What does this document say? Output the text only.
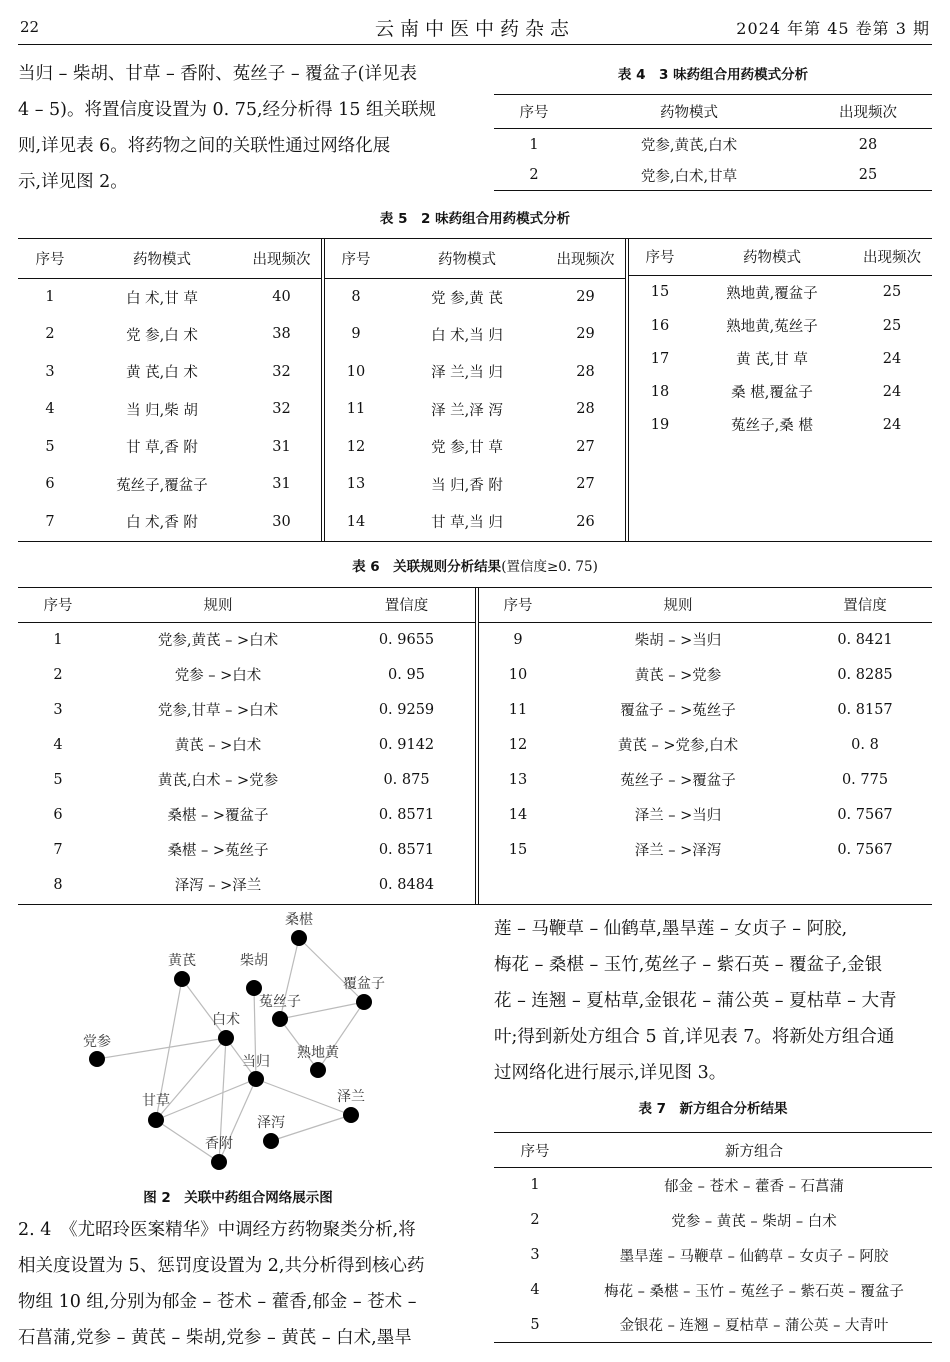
22	云南中医中药杂志	2024 年第 45 卷第 3 期

当归 – 柴胡、甘草 – 香附、菟丝子 – 覆盆子(详见表

4 – 5)。将置信度设置为 0. 75,经分析得 15 组关联规

则,详见表 6。将药物之间的关联性通过网络化展

示,详见图 2。

表 4　3 味药组合用药模式分析
序号	药物模式	出现频次
1	党参,黄芪,白术	28
2	党参,白术,甘草	25
表 5　2 味药组合用药模式分析
序号	药物模式	出现频次
1	白 术,甘 草	40
2	党 参,白 术	38
3	黄 芪,白 术	32
4	当 归,柴 胡	32
5	甘 草,香 附	31
6	菟丝子,覆盆子	31
7	白 术,香 附	30
序号	药物模式	出现频次
8	党 参,黄 芪	29
9	白 术,当 归	29
10	泽 兰,当 归	28
11	泽 兰,泽 泻	28
12	党 参,甘 草	27
13	当 归,香 附	27
14	甘 草,当 归	26
序号	药物模式	出现频次
15	熟地黄,覆盆子	25
16	熟地黄,菟丝子	25
17	黄 芪,甘 草	24
18	桑 椹,覆盆子	24
19	菟丝子,桑 椹	24
表 6　关联规则分析结果(置信度≥0. 75)
序号	规则	置信度
1	党参,黄芪 – >白术	0. 9655
2	党参 – >白术	0. 95
3	党参,甘草 – >白术	0. 9259
4	黄芪 – >白术	0. 9142
5	黄芪,白术 – >党参	0. 875
6	桑椹 – >覆盆子	0. 8571
7	桑椹 – >菟丝子	0. 8571
8	泽泻 – >泽兰	0. 8484
序号	规则	置信度
9	柴胡 – >当归	0. 8421
10	黄芪 – >党参	0. 8285
11	覆盆子 – >菟丝子	0. 8157
12	黄芪 – >党参,白术	0. 8
13	菟丝子 – >覆盆子	0. 775
14	泽兰 – >当归	0. 7567
15	泽兰 – >泽泻	0. 7567
桑椹
黄芪	柴胡
覆盆子
菟丝子
白术
党参
当归
熟地黄
甘草	泽兰
泽泻
香附
图 2　关联中药组合网络展示图

2. 4　《尤昭玲医案精华》中调经方药物聚类分析,将

相关度设置为 5、惩罚度设置为 2,共分析得到核心药

物组 10 组,分别为郁金 – 苍术 – 藿香,郁金 – 苍术 –

石菖蒲,党参 – 黄芪 – 柴胡,党参 – 黄芪 – 白术,墨旱

莲 – 马鞭草 – 仙鹤草,墨旱莲 – 女贞子 – 阿胶,

梅花 – 桑椹 – 玉竹,菟丝子 – 紫石英 – 覆盆子,金银

花 – 连翘 – 夏枯草,金银花 – 蒲公英 – 夏枯草 – 大青

叶;得到新处方组合 5 首,详见表 7。将新处方组合通

过网络化进行展示,详见图 3。

表 7　新方组合分析结果
序号	新方组合
1	郁金 – 苍术 – 藿香 – 石菖蒲
2	党参 – 黄芪 – 柴胡 – 白术
3	墨旱莲 – 马鞭草 – 仙鹤草 – 女贞子 – 阿胶
4	梅花 – 桑椹 – 玉竹 – 菟丝子 – 紫石英 – 覆盆子
5	金银花 – 连翘 – 夏枯草 – 蒲公英 – 大青叶
